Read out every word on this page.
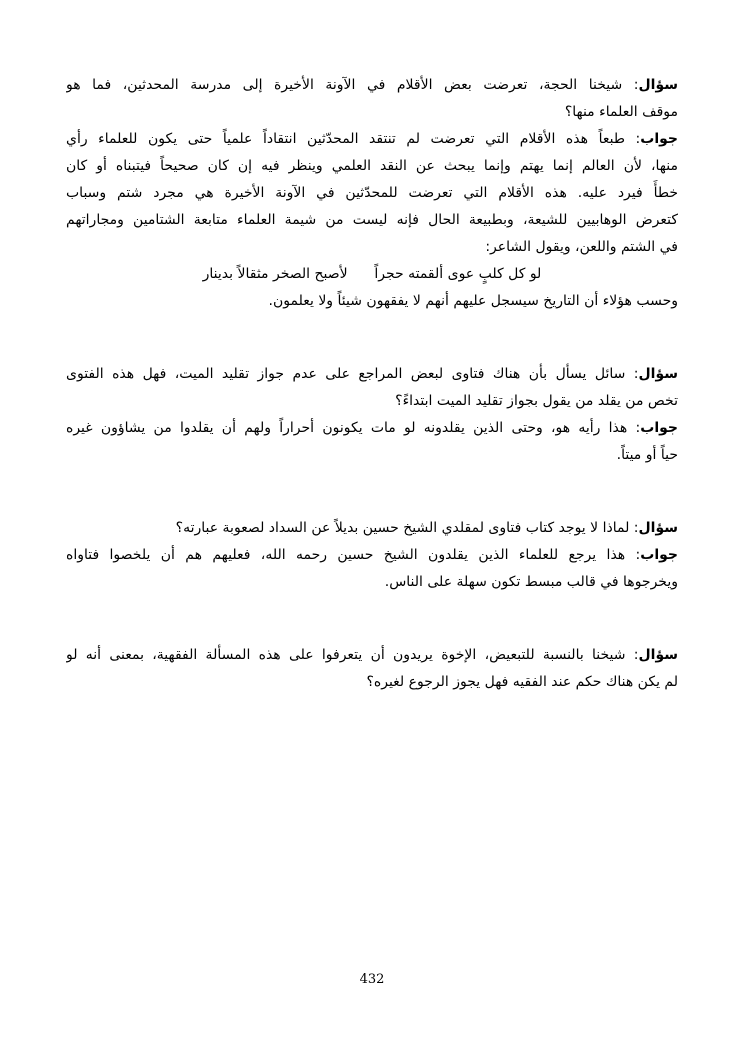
سؤال: شيخنا الحجة، تعرضت بعض الأقلام في الآونة الأخيرة إلى مدرسة المحدثين، فما هو
موقف العلماء منها؟
جواب: طبعاً هذه الأقلام التي تعرضت لم تنتقد المحدّثين انتقاداً علمياً حتى يكون للعلماء رأي
منها، لأن العالم إنما يهتم وإنما يبحث عن النقد العلمي وينظر فيه إن كان صحيحاً فيتبناه أو كان
خطأً فيرد عليه. هذه الأقلام التي تعرضت للمحدّثين في الآونة الأخيرة هي مجرد شتم وسباب
كتعرض الوهابيين للشيعة، وبطبيعة الحال فإنه ليست من شيمة العلماء متابعة الشتامين ومجاراتهم
في الشتم واللعن، ويقول الشاعر:
لو كل كلبٍ عوى ألقمته حجراً      لأصبح الصخر مثقالاً بدينار
وحسب هؤلاء أن التاريخ سيسجل عليهم أنهم لا يفقهون شيئاً ولا يعلمون.
سؤال: سائل يسأل بأن هناك فتاوى لبعض المراجع على عدم جواز تقليد الميت، فهل هذه الفتوى
تخص من يقلد من يقول بجواز تقليد الميت ابتداءً؟
جواب: هذا رأيه هو، وحتى الذين يقلدونه لو مات يكونون أحراراً ولهم أن يقلدوا من يشاؤون غيره
حياً أو ميتاً.
سؤال: لماذا لا يوجد كتاب فتاوى لمقلدي الشيخ حسين بديلاً عن السداد لصعوبة عبارته؟
جواب: هذا يرجع للعلماء الذين يقلدون الشيخ حسين رحمه الله، فعليهم هم أن يلخصوا فتاواه
ويخرجوها في قالب مبسط تكون سهلة على الناس.
سؤال: شيخنا بالنسبة للتبعيض، الإخوة يريدون أن يتعرفوا على هذه المسألة الفقهية، بمعنى أنه لو
لم يكن هناك حكم عند الفقيه فهل يجوز الرجوع لغيره؟
432
